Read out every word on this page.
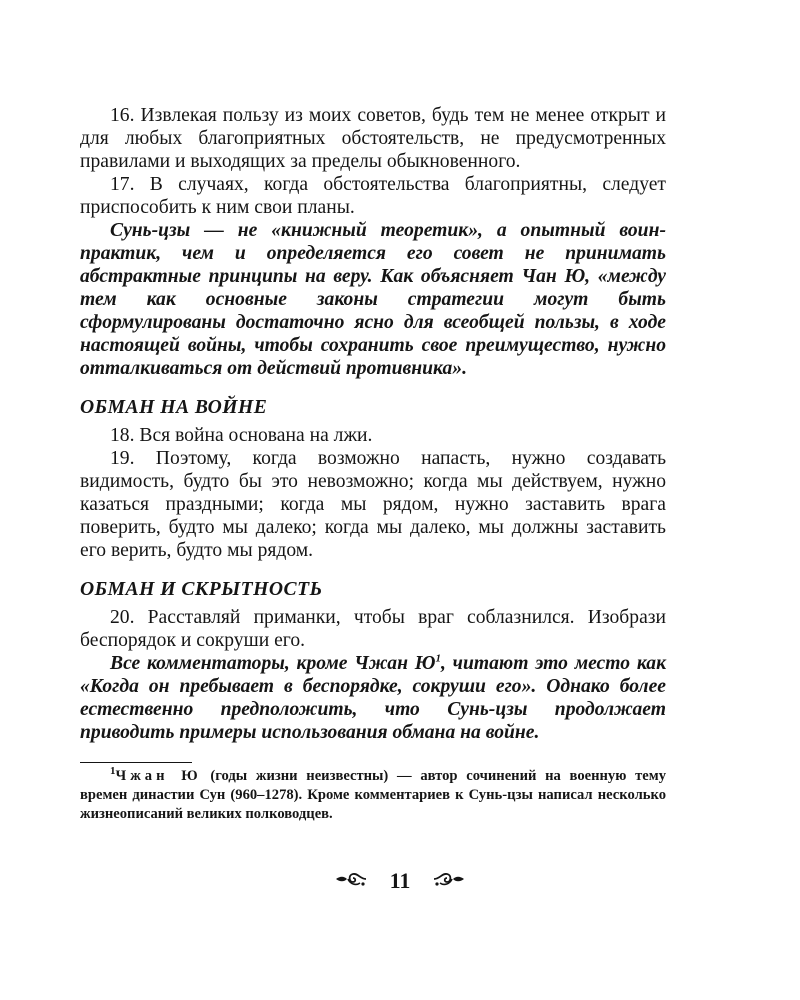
16. Извлекая пользу из моих советов, будь тем не менее открыт и для любых благоприятных обстоятельств, не предусмотренных правилами и выходящих за пределы обыкновенного.

17. В случаях, когда обстоятельства благоприятны, следует приспособить к ним свои планы.

Сунь-цзы — не «книжный теоретик», а опытный воин-практик, чем и определяется его совет не принимать абстрактные принципы на веру. Как объясняет Чан Ю, «между тем как основные законы стратегии могут быть сформулированы достаточно ясно для всеобщей пользы, в ходе настоящей войны, чтобы сохранить свое преимущество, нужно отталкиваться от действий противника».

ОБМАН НА ВОЙНЕ

18. Вся война основана на лжи.

19. Поэтому, когда возможно напасть, нужно создавать видимость, будто бы это невозможно; когда мы действуем, нужно казаться праздными; когда мы рядом, нужно заставить врага поверить, будто мы далеко; когда мы далеко, мы должны заставить его верить, будто мы рядом.

ОБМАН И СКРЫТНОСТЬ

20. Расставляй приманки, чтобы враг соблазнился. Изобрази беспорядок и сокруши его.

Все комментаторы, кроме Чжан $Ю^1$, читают это место как «Когда он пребывает в беспорядке, сокруши его». Однако более естественно предположить, что Сунь-цзы продолжает приводить примеры использования обмана на войне.

$^1$Чжан Ю (годы жизни неизвестны) — автор сочинений на военную тему времен династии Сун (960–1278). Кроме комментариев к Сунь-цзы написал несколько жизнеописаний великих полководцев.

11
